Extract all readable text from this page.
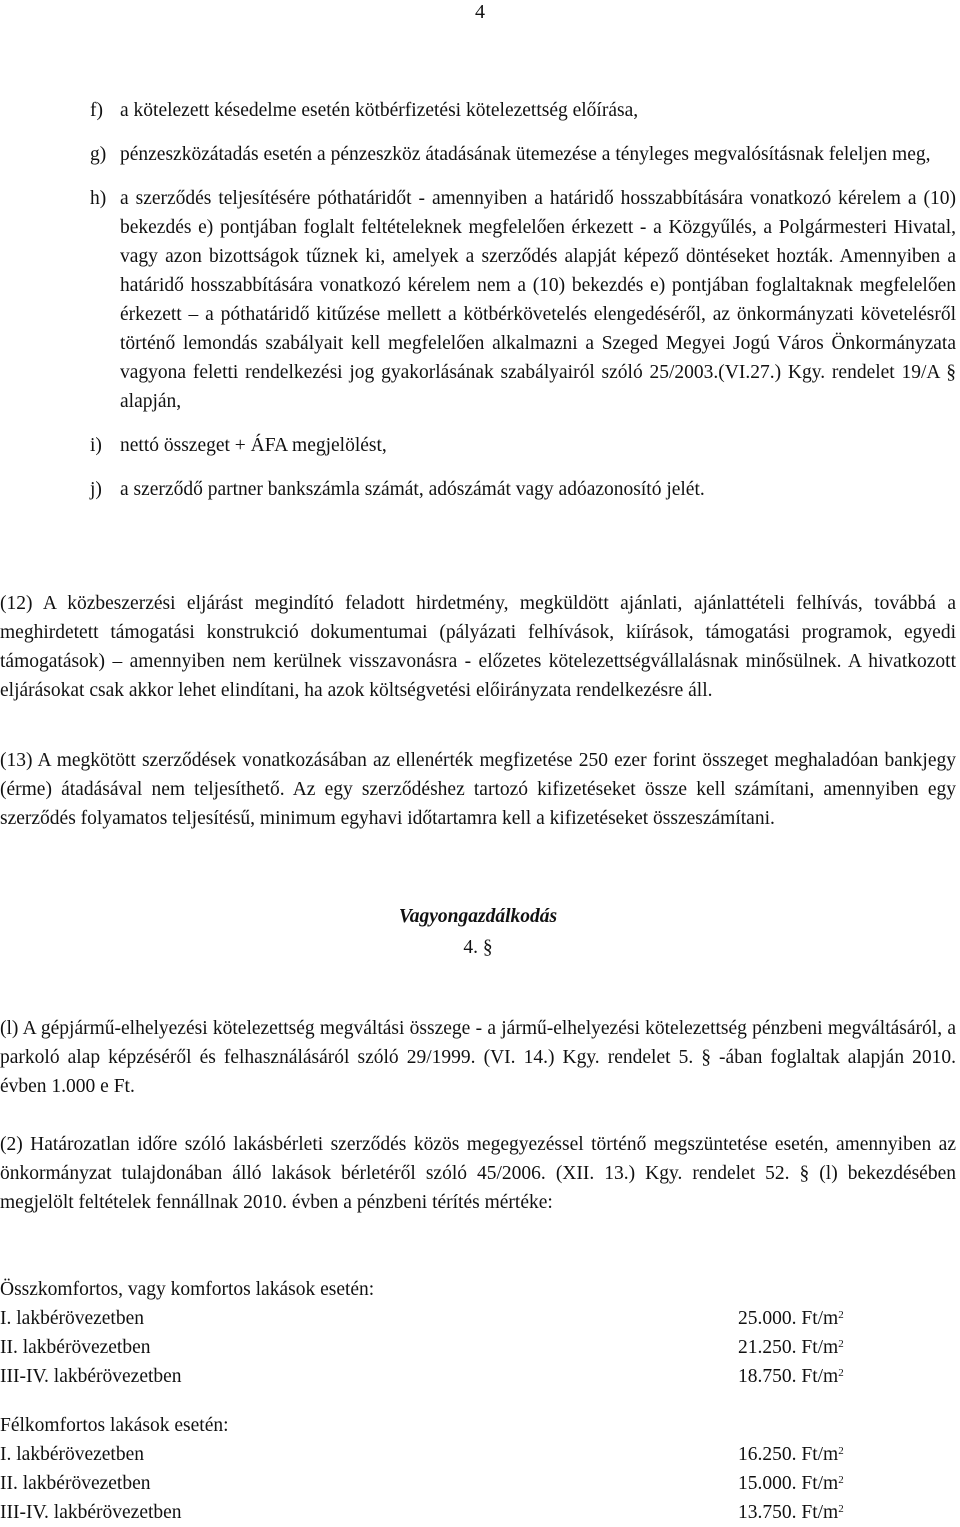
4
f) a kötelezett késedelme esetén kötbérfizetési kötelezettség előírása,

g) pénzeszközátadás esetén a pénzeszköz átadásának ütemezése a tényleges megvalósításnak feleljen meg,

h) a szerződés teljesítésére póthatáridőt - amennyiben a határidő hosszabbítására vonatkozó kérelem a (10) bekezdés e) pontjában foglalt feltételeknek megfelelően érkezett - a Közgyűlés, a Polgármesteri Hivatal, vagy azon bizottságok tűznek ki, amelyek a szerződés alapját képező döntéseket hozták. Amennyiben a határidő hosszabbítására vonatkozó kérelem nem a (10) bekezdés e) pontjában foglaltaknak megfelelően érkezett – a póthatáridő kitűzése mellett a kötbérkövetelés elengedéséről, az önkormányzati követelésről történő lemondás szabályait kell megfelelően alkalmazni a Szeged Megyei Jogú Város Önkormányzata vagyona feletti rendelkezési jog gyakorlásának szabályairól szóló 25/2003.(VI.27.) Kgy. rendelet 19/A § alapján,

i) nettó összeget + ÁFA megjelölést,

j) a szerződő partner bankszámla számát, adószámát vagy adóazonosító jelét.

(12) A közbeszerzési eljárást megindító feladott hirdetmény, megküldött ajánlati, ajánlattételi felhívás, továbbá a meghirdetett támogatási konstrukció dokumentumai (pályázati felhívások, kiírások, támogatási programok, egyedi támogatások) – amennyiben nem kerülnek visszavonásra - előzetes kötelezettségvállalásnak minősülnek. A hivatkozott eljárásokat csak akkor lehet elindítani, ha azok költségvetési előirányzata rendelkezésre áll.

(13) A megkötött szerződések vonatkozásában az ellenérték megfizetése 250 ezer forint összeget meghaladóan bankjegy (érme) átadásával nem teljesíthető. Az egy szerződéshez tartozó kifizetéseket össze kell számítani, amennyiben egy szerződés folyamatos teljesítésű, minimum egyhavi időtartamra kell a kifizetéseket összeszámítani.

Vagyongazdálkodás
4. §

(l) A gépjármű-elhelyezési kötelezettség megváltási összege - a jármű-elhelyezési kötelezettség pénzbeni megváltásáról, a parkoló alap képzéséről és felhasználásáról szóló 29/1999. (VI. 14.) Kgy. rendelet 5. § -ában foglaltak alapján 2010. évben 1.000 e Ft.

(2) Határozatlan időre szóló lakásbérleti szerződés közös megegyezéssel történő megszüntetése esetén, amennyiben az önkormányzat tulajdonában álló lakások bérletéről szóló 45/2006. (XII. 13.) Kgy. rendelet 52. § (l) bekezdésében megjelölt feltételek fennállnak 2010. évben a pénzbeni térítés mértéke:

Összkomfortos, vagy komfortos lakások esetén:
I. lakbérövezetben	25.000. $Ft/m^2$
II. lakbérövezetben	21.250. $Ft/m^2$
III-IV. lakbérövezetben	18.750. $Ft/m^2$
Félkomfortos lakások esetén:
I. lakbérövezetben	16.250. $Ft/m^2$
II. lakbérövezetben	15.000. $Ft/m^2$
III-IV. lakbérövezetben	13.750. $Ft/m^2$
